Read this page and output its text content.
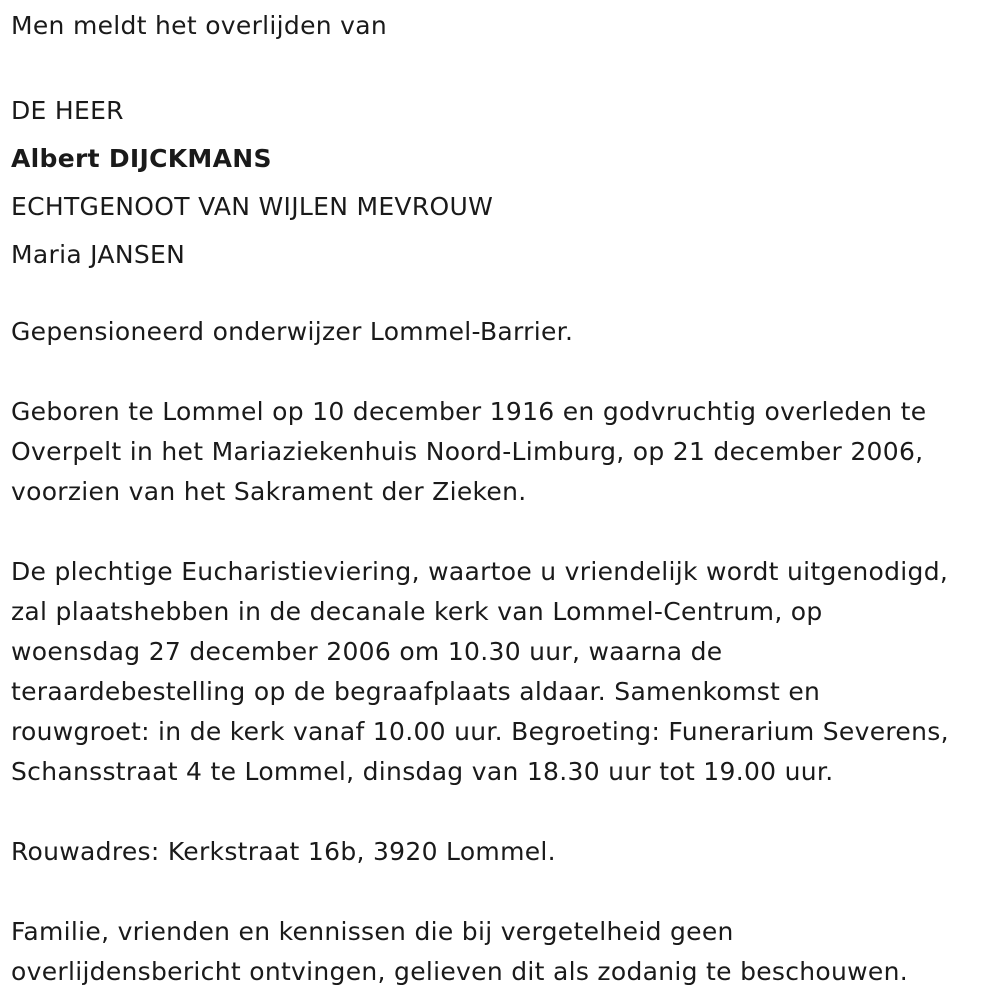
Men meldt het overlijden van
DE HEER
Albert DIJCKMANS
ECHTGENOOT VAN WIJLEN MEVROUW
Maria JANSEN
Gepensioneerd onderwijzer Lommel-Barrier.
Geboren te Lommel op 10 december 1916 en godvruchtig overleden te
Overpelt in het Mariaziekenhuis Noord-Limburg, op 21 december 2006,
voorzien van het Sakrament der Zieken.
De plechtige Eucharistieviering, waartoe u vriendelijk wordt uitgenodigd,
zal plaatshebben in de decanale kerk van Lommel-Centrum, op
woensdag 27 december 2006 om 10.30 uur, waarna de
teraardebestelling op de begraafplaats aldaar. Samenkomst en
rouwgroet: in de kerk vanaf 10.00 uur. Begroeting: Funerarium Severens,
Schansstraat 4 te Lommel, dinsdag van 18.30 uur tot 19.00 uur.
Rouwadres: Kerkstraat 16b, 3920 Lommel.
Familie, vrienden en kennissen die bij vergetelheid geen
overlijdensbericht ontvingen, gelieven dit als zodanig te beschouwen.
